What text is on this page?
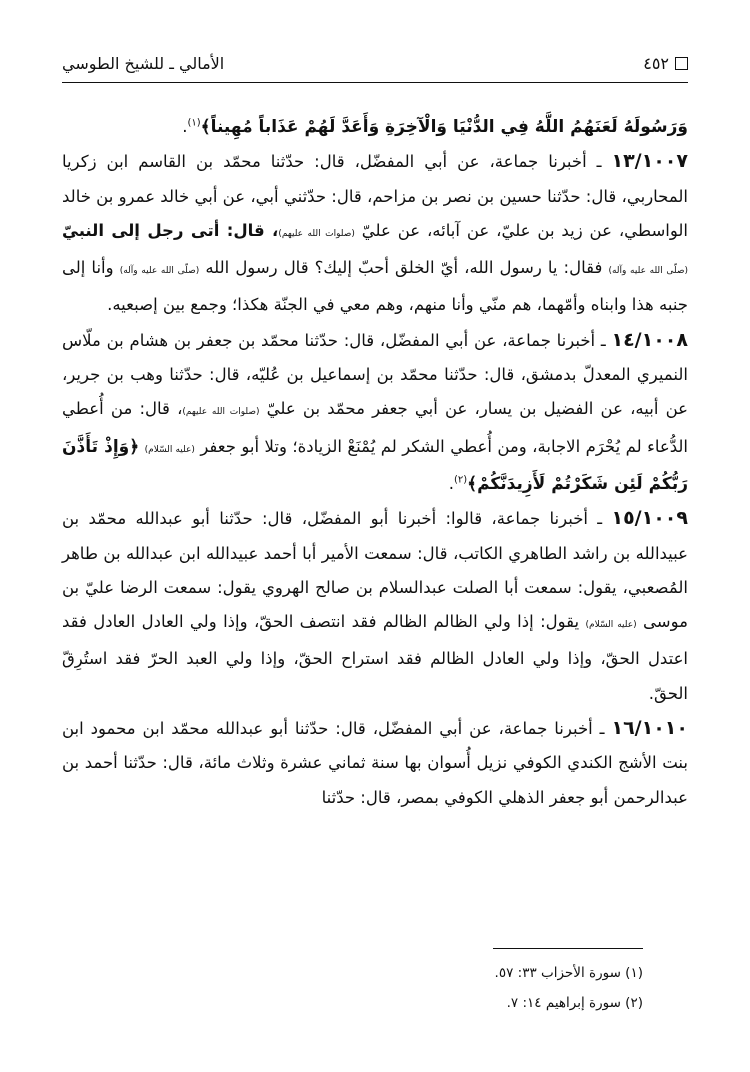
٤٥٢
الأمالي ـ للشيخ الطوسي

وَرَسُولَهُ لَعَنَهُمُ اللَّهُ فِي الدُّنْيَا وَالْآخِرَةِ وَأَعَدَّ لَهُمْ عَذَاباً مُهِيناً﴾$^{(١)}$.

١٣/١٠٠٧ ـ أخبرنا جماعة، عن أبي المفضّل، قال: حدّثنا محمّد بن القاسم ابن زكريا المحاربي، قال: حدّثنا حسين بن نصر بن مزاحم، قال: حدّثني أبي، عن أبي خالد عمرو بن خالد الواسطي، عن زيد بن عليّ، عن آبائه، عن عليّ (صلوات الله عليهم)، قال: أتى رجل إلى النبيّ (صلّى الله عليه وآله) فقال: يا رسول الله، أيّ الخلق أحبّ إليك؟ قال رسول الله (صلّى الله عليه وآله) وأنا إلى جنبه هذا وابناه وأمّهما، هم منّي وأنا منهم، وهم معي في الجنّة هكذا؛ وجمع بين إصبعيه.

١٤/١٠٠٨ ـ أخبرنا جماعة، عن أبي المفضّل، قال: حدّثنا محمّد بن جعفر بن هشام بن ملّاس النميري المعدلّ بدمشق، قال: حدّثنا محمّد بن إسماعيل بن عُليّه، قال: حدّثنا وهب بن جرير، عن أبيه، عن الفضيل بن يسار، عن أبي جعفر محمّد بن عليّ (صلوات الله عليهم)، قال: من أُعطي الدُّعاء لم يُحْرَم الاجابة، ومن أُعطي الشكر لم يُمْنَعْ الزيادة؛ وتلا أبو جعفر (عليه السّلام) ﴿وَإِذْ تَأَذَّنَ رَبُّكُمْ لَئِن شَكَرْتُمْ لَأَزِيدَنَّكُمْ﴾$^{(٢)}$.

١٥/١٠٠٩ ـ أخبرنا جماعة، قالوا: أخبرنا أبو المفضّل، قال: حدّثنا أبو عبدالله محمّد بن عبيدالله بن راشد الطاهري الكاتب، قال: سمعت الأمير أبا أحمد عبيدالله ابن عبدالله بن طاهر المُصعبي، يقول: سمعت أبا الصلت عبدالسلام بن صالح الهروي يقول: سمعت الرضا عليّ بن موسى (عليه السّلام) يقول: إذا ولي الظالم الظالم فقد انتصف الحقّ، وإذا ولي العادل العادل فقد اعتدل الحقّ، وإذا ولي العادل الظالم فقد استراح الحقّ، وإذا ولي العبد الحرّ فقد استُرِقّ الحقّ.

١٦/١٠١٠ ـ أخبرنا جماعة، عن أبي المفضّل، قال: حدّثنا أبو عبدالله محمّد ابن محمود ابن بنت الأشج الكندي الكوفي نزيل أُسوان بها سنة ثماني عشرة وثلاث مائة، قال: حدّثنا أحمد بن عبدالرحمن أبو جعفر الذهلي الكوفي بمصر، قال: حدّثنا

(١) سورة الأحزاب ٣٣: ٥٧.
(٢) سورة إبراهيم ١٤: ٧.
